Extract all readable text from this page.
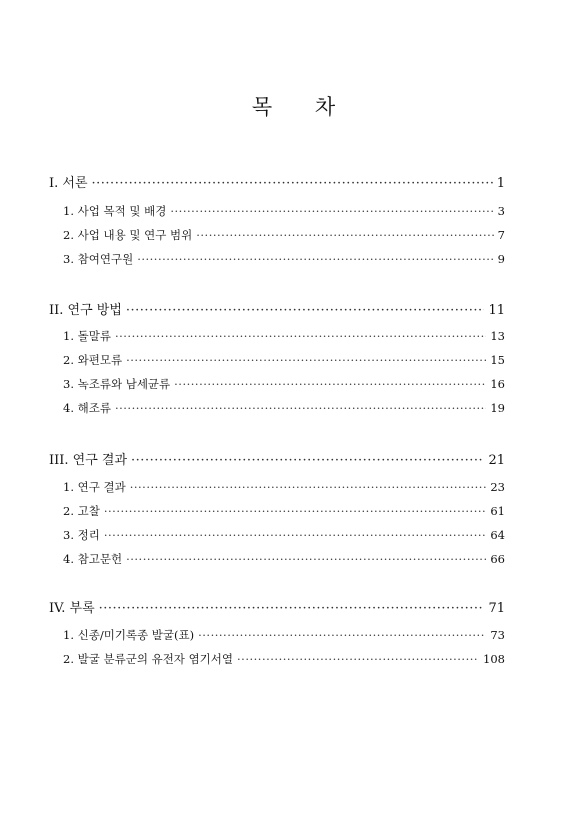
목 차
I. 서론 ·····	1
1. 사업 목적 및 배경 ·····	3
2. 사업 내용 및 연구 범위 ·····	7
3. 참여연구원 ·····	9
II. 연구 방법 ·····	11
1. 돌말류 ·····	13
2. 와편모류 ·····	15
3. 녹조류와 남세균류 ·····	16
4. 해조류 ·····	19
III. 연구 결과 ·····	21
1. 연구 결과 ·····	23
2. 고찰 ·····	61
3. 정리 ·····	64
4. 참고문헌 ·····	66
IV. 부록 ·····	71
1. 신종/미기록종 발굴(표) ·····	73
2. 발굴 분류군의 유전자 염기서열 ·····	108
